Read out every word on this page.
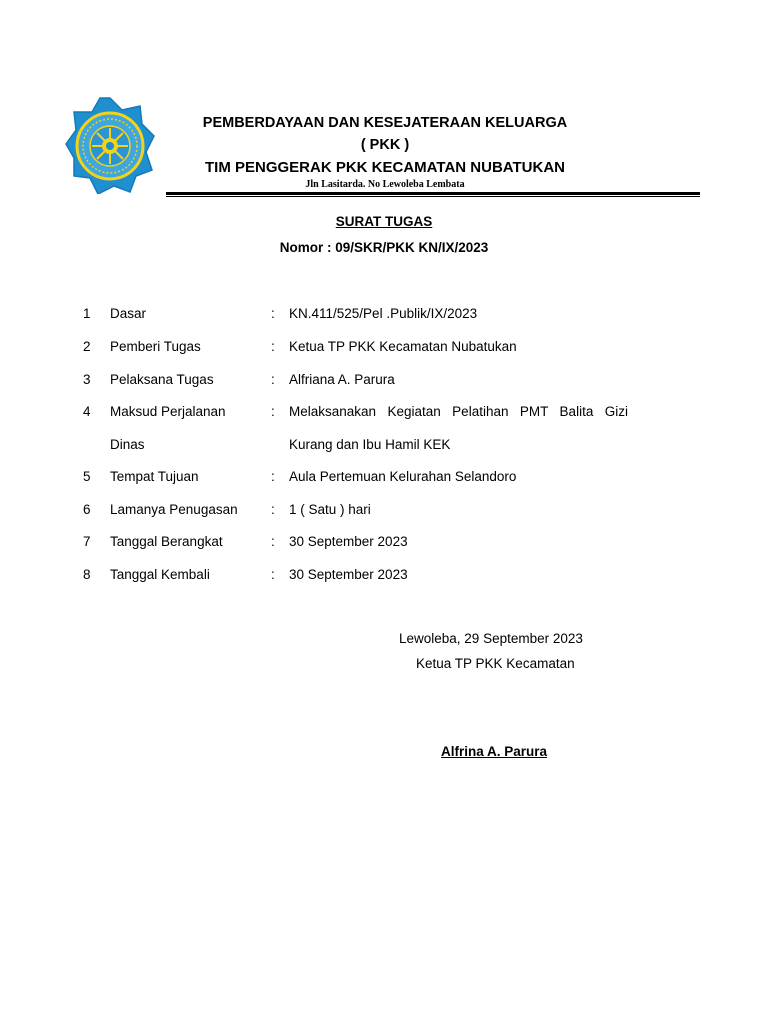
PEMBERDAYAAN DAN KESEJATERAAN KELUARGA
( PKK )
TIM PENGGERAK PKK KECAMATAN NUBATUKAN
Jln Lasitarda. No Lewoleba Lembata
SURAT TUGAS
Nomor : 09/SKR/PKK KN/IX/2023
1 Dasar	: KN.411/525/Pel .Publik/IX/2023
2 Pemberi Tugas	: Ketua TP PKK Kecamatan Nubatukan
3 Pelaksana Tugas	: Alfriana A. Parura
4 Maksud Perjalanan	: Melaksanakan Kegiatan Pelatihan PMT Balita Gizi
Dinas	Kurang dan Ibu Hamil KEK
5 Tempat Tujuan	: Aula Pertemuan Kelurahan Selandoro
6 Lamanya Penugasan : 1 ( Satu ) hari
7 Tanggal Berangkat	: 30 September 2023
8 Tanggal Kembali	: 30 September 2023
Lewoleba, 29 September 2023
Ketua TP PKK Kecamatan
Alfrina A. Parura
